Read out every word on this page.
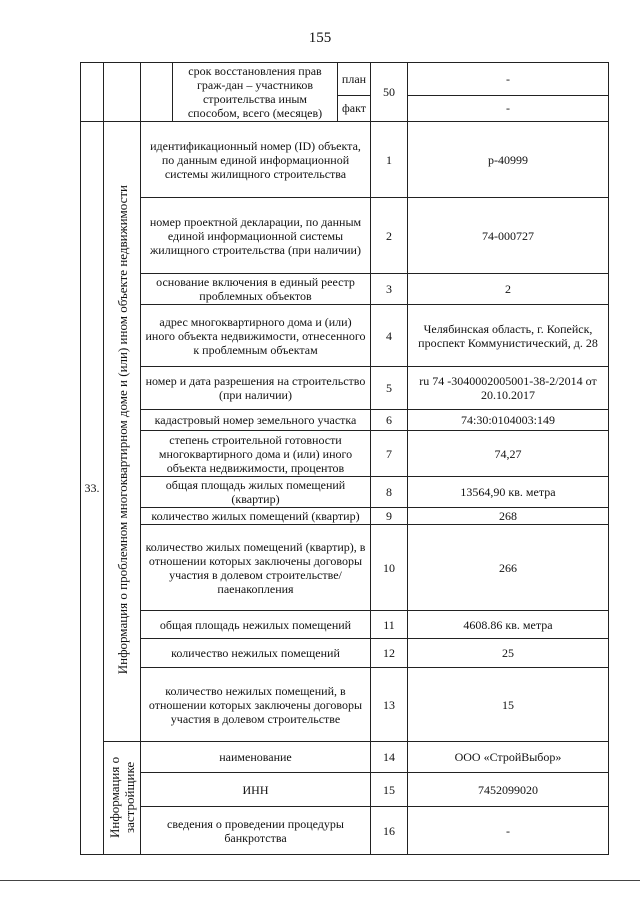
155
			срок восстановления прав граж-дан – участников строительства иным способом, всего (месяцев)	план	50	-
				факт		-
33.	Информация о проблемном многоквартирном доме и (или) ином объекте недвижимости	идентификационный номер (ID) объекта, по данным единой информационной системы жилищного строительства			1	р-40999
		номер проектной декларации, по данным единой информационной системы жилищного строительства (при наличии)			2	74-000727
		основание включения в единый реестр проблемных объектов			3	2
		адрес многоквартирного дома и (или) иного объекта недвижимости, отнесенного к проблемным объектам			4	Челябинская область, г. Копейск, проспект Коммунистический, д. 28
		номер и дата разрешения на строительство (при наличии)			5	ru 74 -3040002005001-38-2/2014 от 20.10.2017
		кадастровый номер земельного участка			6	74:30:0104003:149
		степень строительной готовности многоквартирного дома и (или) иного объекта недвижимости, процентов			7	74,27
		общая площадь жилых помещений (квартир)			8	13564,90 кв. метра
		количество жилых помещений (квартир)			9	268
		количество жилых помещений (квартир), в отношении которых заключены договоры участия в долевом строительстве/паенакопления			10	266
		общая площадь нежилых помещений			11	4608.86 кв. метра
		количество нежилых помещений			12	25
		количество нежилых помещений, в отношении которых заключены договоры участия в долевом строительстве			13	15
	Информация о застройщике	наименование			14	ООО «СтройВыбор»
		ИНН			15	7452099020
		сведения о проведении процедуры банкротства			16	-
